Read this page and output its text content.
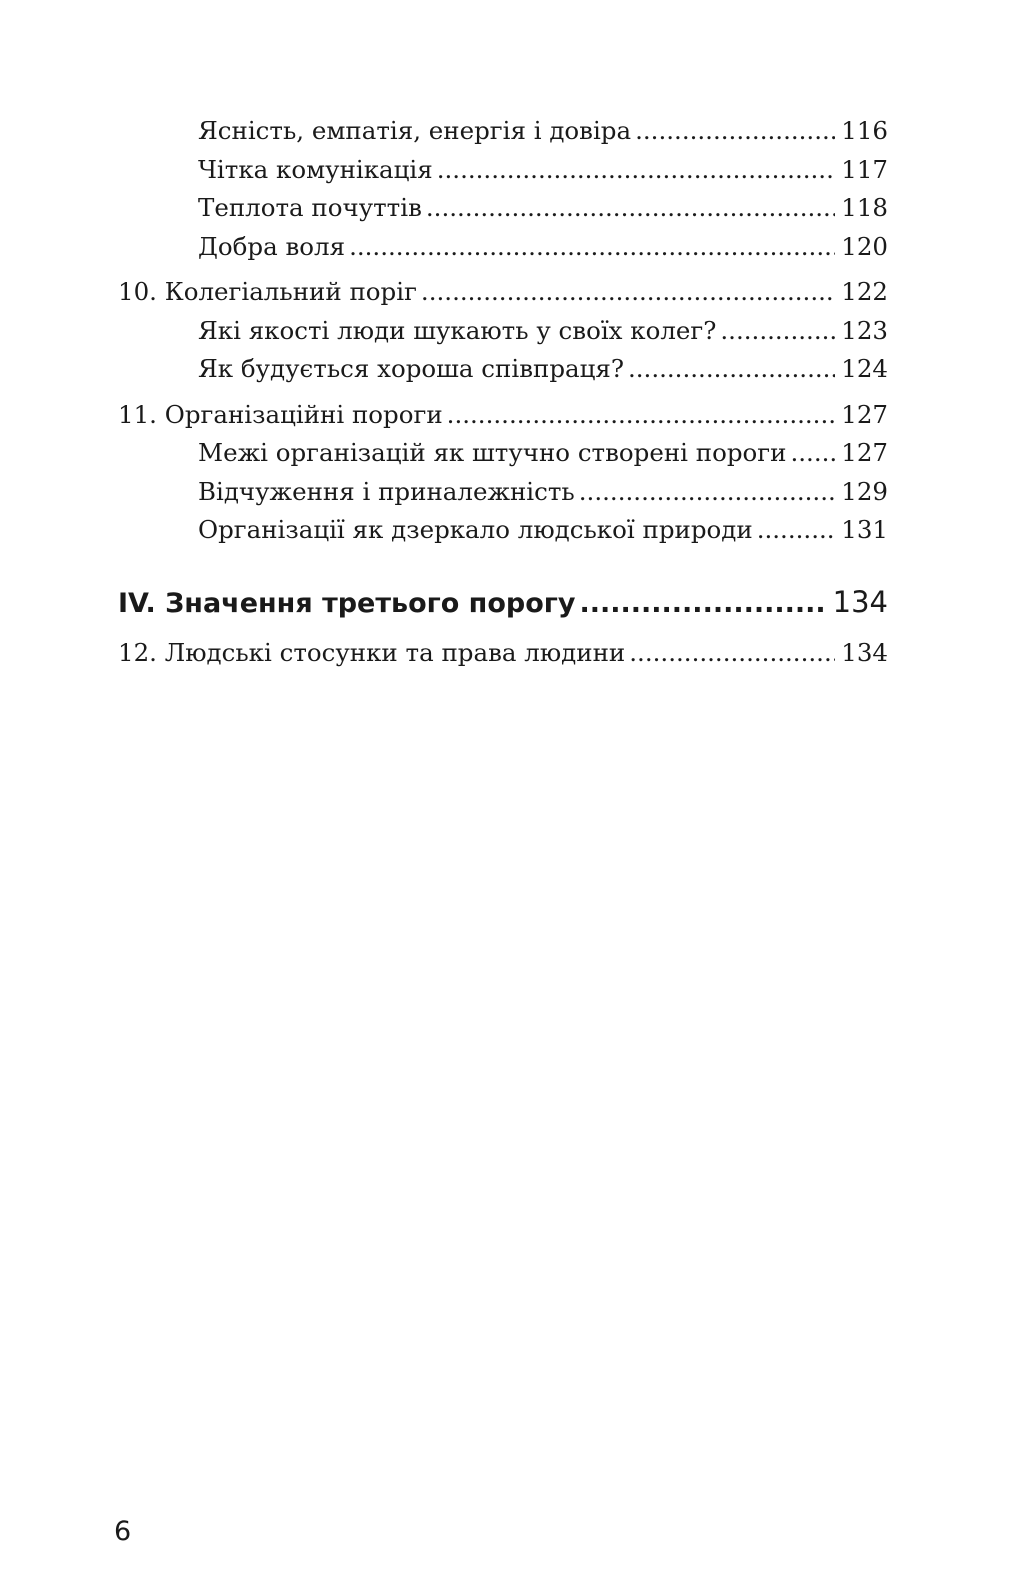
Ясність, емпатія, енергія і довіра .....	116
Чітка комунікація .....	117
Теплота почуттів .....	118
Добра воля .....	120
10. Колегіальний поріг .....	122
Які якості люди шукають у своїх колег? .....	123
Як будується хороша співпраця? .....	124
11. Організаційні пороги .....	127
Межі організацій як штучно створені пороги ..... 127
Відчуження і приналежність .....	129
Організації як дзеркало людської природи .....	131
IV. Значення третього порогу .....	134
12. Людські стосунки та права людини .....	134
6
